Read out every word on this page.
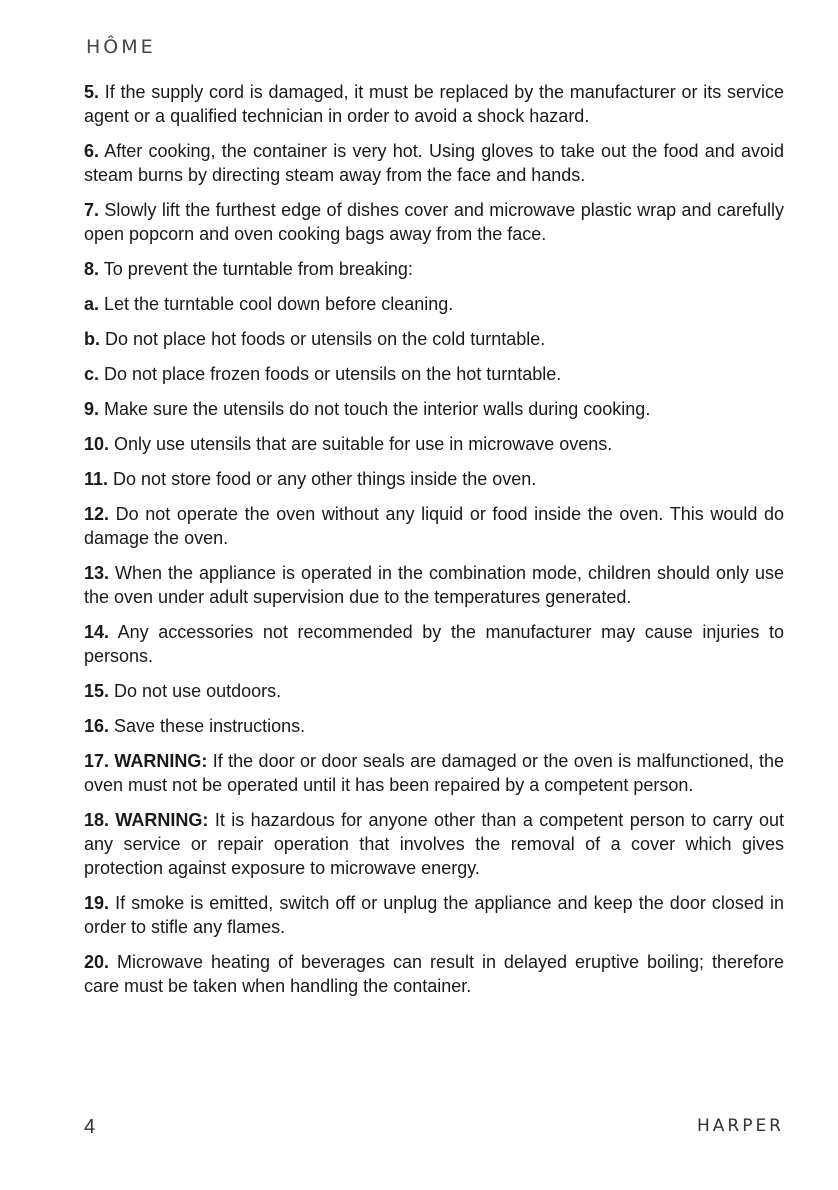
HÔME

5. If the supply cord is damaged, it must be replaced by the manufacturer or its service agent or a qualified technician in order to avoid a shock hazard.

6. After cooking, the container is very hot. Using gloves to take out the food and avoid steam burns by directing steam away from the face and hands.

7. Slowly lift the furthest edge of dishes cover and microwave plastic wrap and carefully open popcorn and oven cooking bags away from the face.

8. To prevent the turntable from breaking:

a. Let the turntable cool down before cleaning.

b. Do not place hot foods or utensils on the cold turntable.

c. Do not place frozen foods or utensils on the hot turntable.

9. Make sure the utensils do not touch the interior walls during cooking.

10. Only use utensils that are suitable for use in microwave ovens.

11. Do not store food or any other things inside the oven.

12. Do not operate the oven without any liquid or food inside the oven. This would do damage the oven.

13. When the appliance is operated in the combination mode, children should only use the oven under adult supervision due to the temperatures generated.

14. Any accessories not recommended by the manufacturer may cause injuries to persons.

15. Do not use outdoors.

16. Save these instructions.

17. WARNING: If the door or door seals are damaged or the oven is malfunctioned, the oven must not be operated until it has been repaired by a competent person.

18. WARNING: It is hazardous for anyone other than a competent person to carry out any service or repair operation that involves the removal of a cover which gives protection against exposure to microwave energy.

19. If smoke is emitted, switch off or unplug the appliance and keep the door closed in order to stifle any flames.

20. Microwave heating of beverages can result in delayed eruptive boiling; therefore care must be taken when handling the container.

4	HARPER
